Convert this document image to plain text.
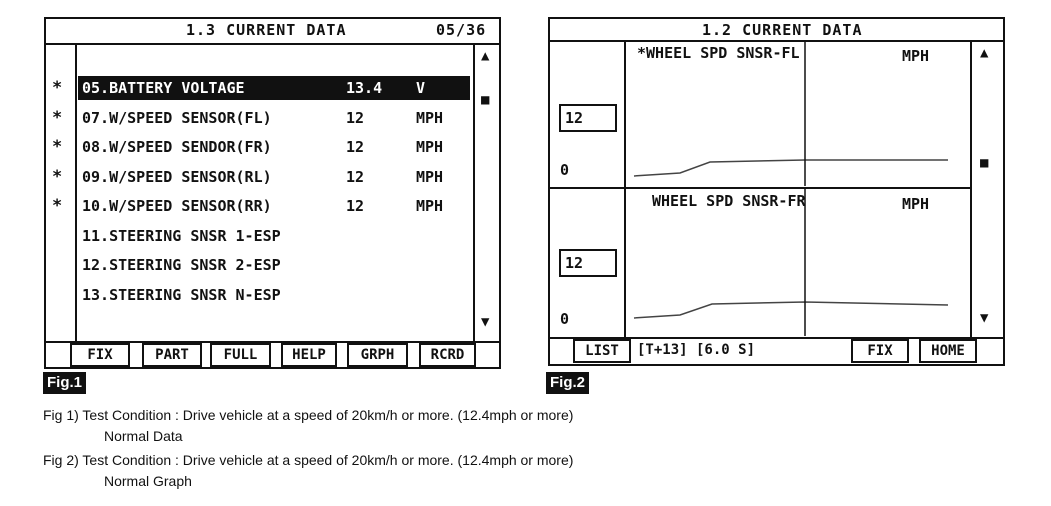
1.3 CURRENT DATA	05/36
▲
■
▼
05.BATTERY VOLTAGE	13.4 V
07.W/SPEED SENSOR(FL)	12	MPH
08.W/SPEED SENDOR(FR)	12	MPH
09.W/SPEED SENSOR(RL)	12	MPH
10.W/SPEED SENSOR(RR)	12	MPH
11.STEERING SNSR 1-ESP
12.STEERING SNSR 2-ESP
13.STEERING SNSR N-ESP
FIX	PART	FULL	HELP	GRPH	RCRD
Fig.1
1.2 CURRENT DATA
*WHEEL SPD SNSR-FL	MPH
12
0
WHEEL SPD SNSR-FR	MPH
12
0
▲
■
▼
LIST	[T+13] [6.0 S]	FIX	HOME
Fig.2
Fig 1) Test Condition : Drive vehicle at a speed of 20km/h or more. (12.4mph or more)
Normal Data
Fig 2) Test Condition : Drive vehicle at a speed of 20km/h or more. (12.4mph or more)
Normal Graph
*
*
*
*
*
